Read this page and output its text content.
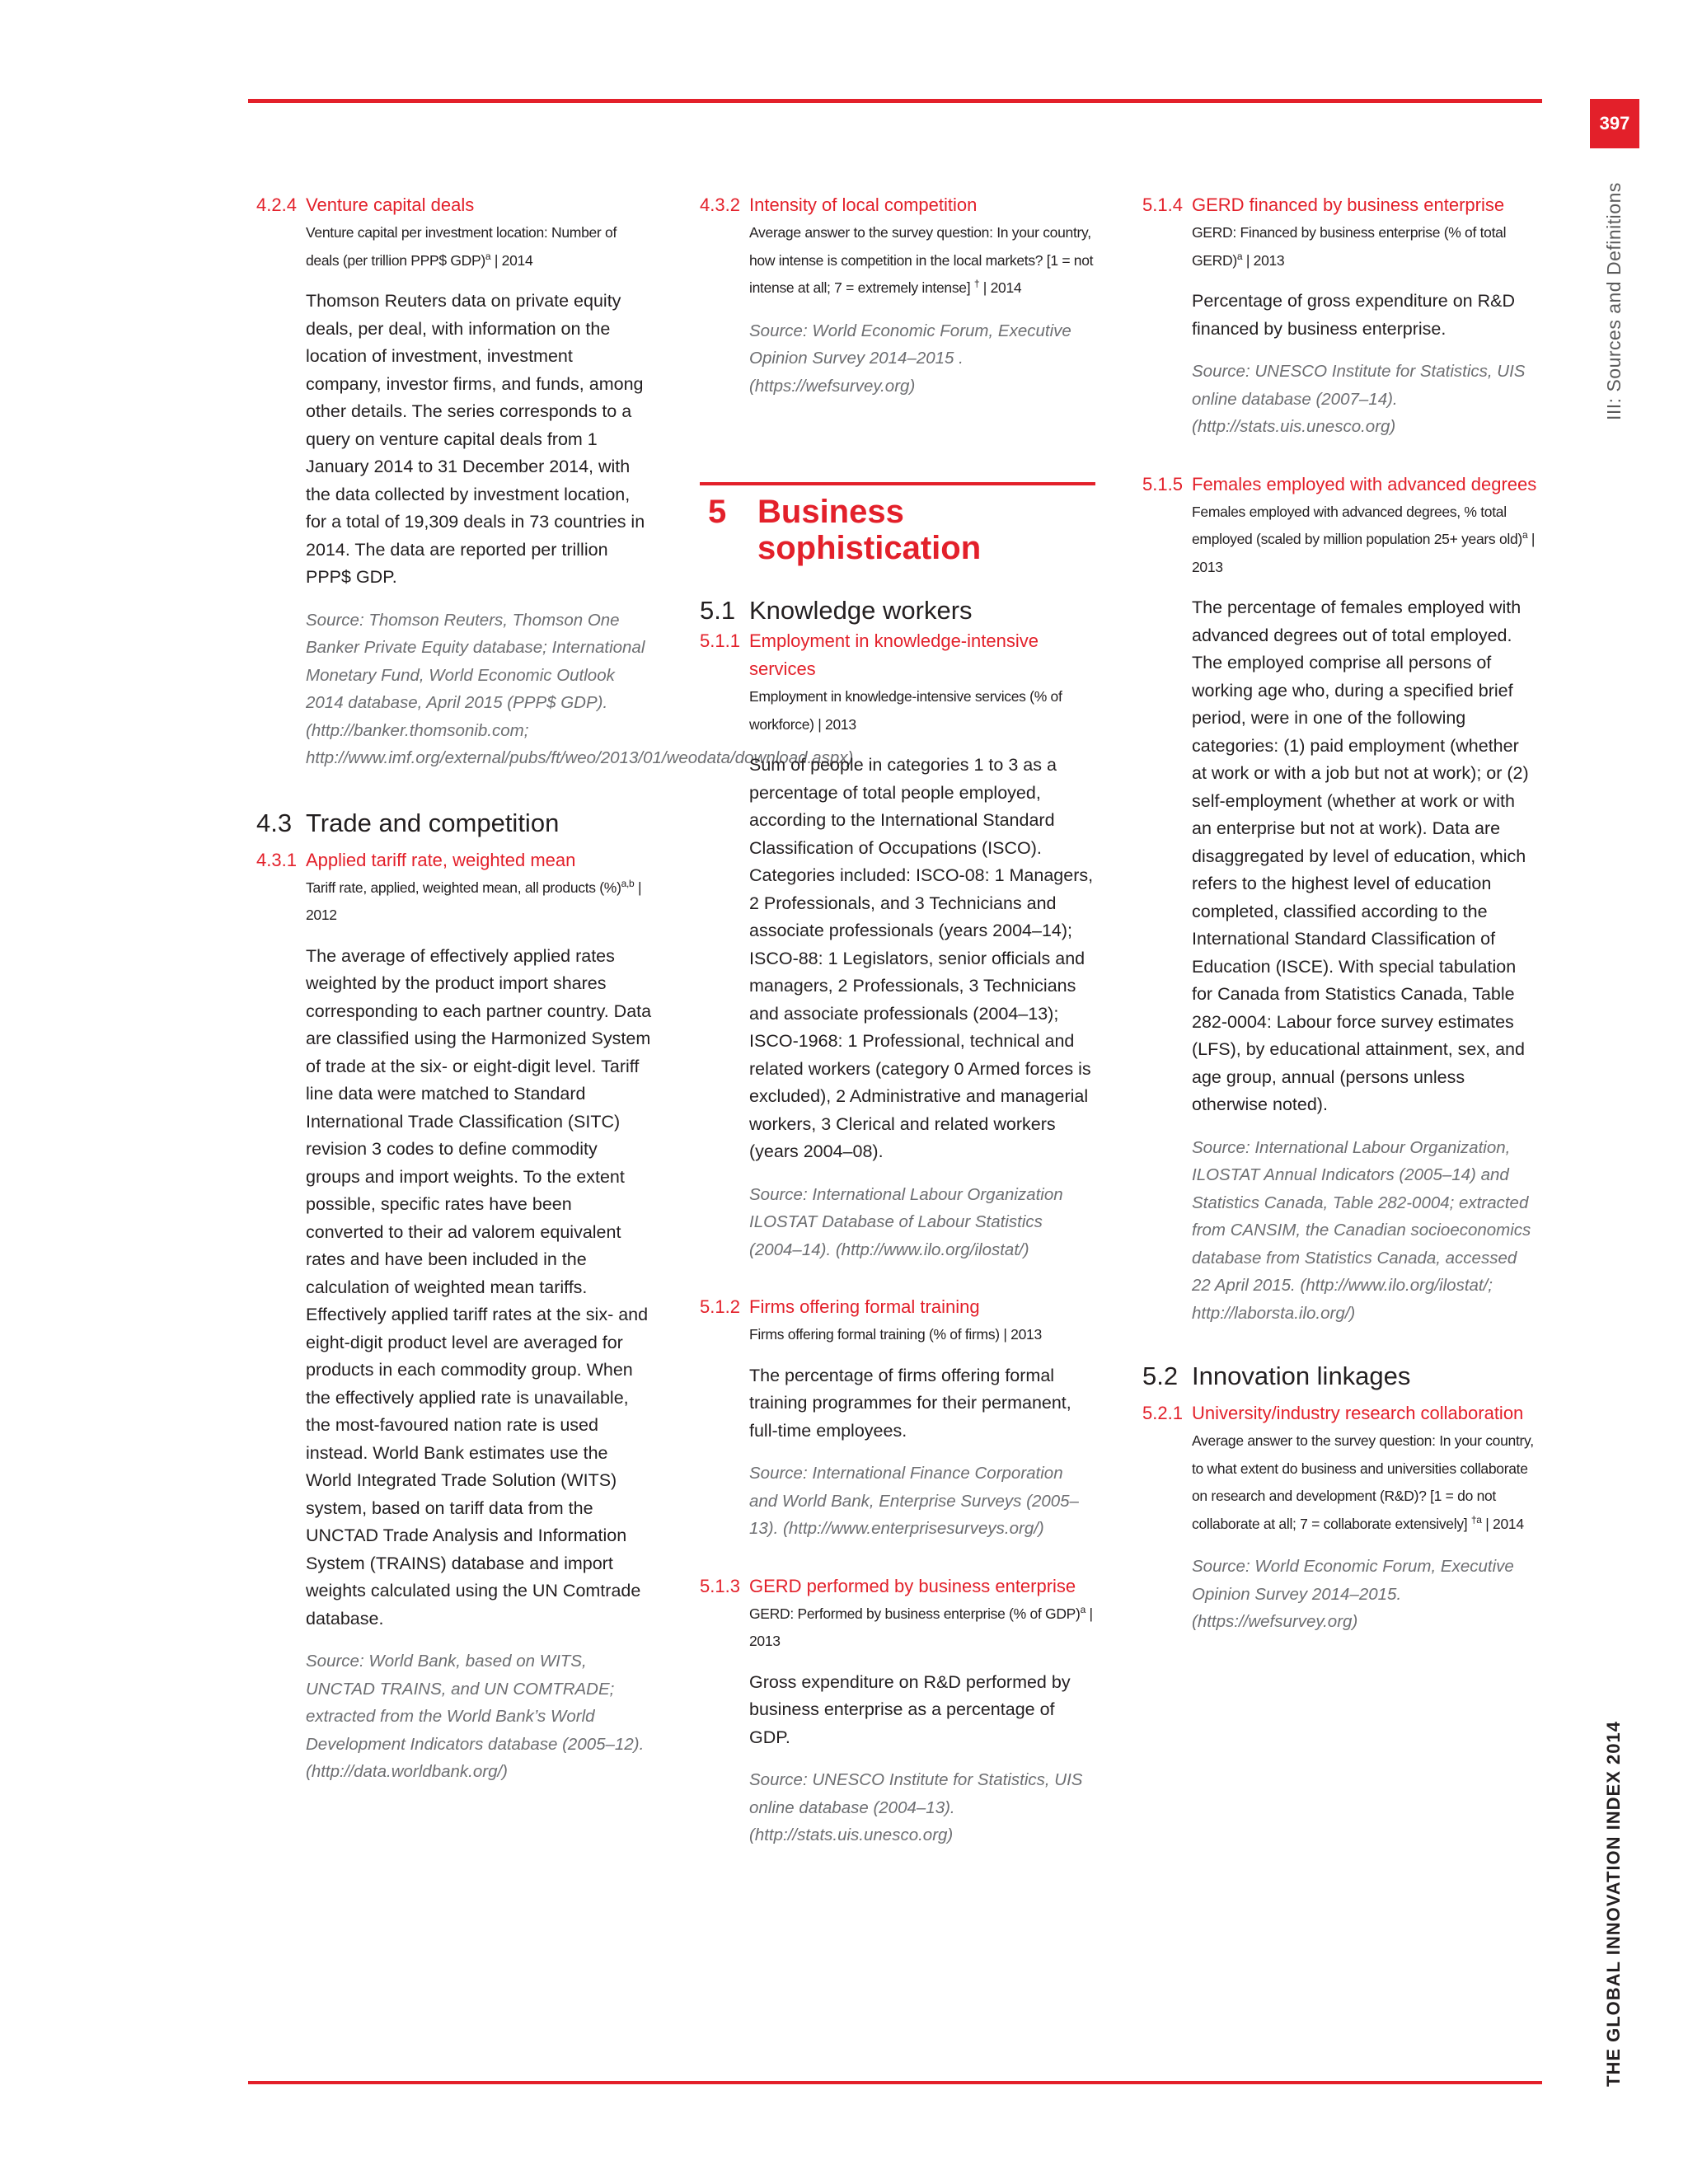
397
III: Sources and Definitions
THE GLOBAL INNOVATION INDEX 2014
4.2.4 Venture capital deals
Venture capital per investment location: Number of deals (per trillion PPP$ GDP)$^a$ | 2014
Thomson Reuters data on private equity deals, per deal, with information on the location of investment, investment company, investor firms, and funds, among other details. The series corresponds to a query on venture capital deals from 1 January 2014 to 31 December 2014, with the data collected by investment location, for a total of 19,309 deals in 73 countries in 2014. The data are reported per trillion PPP$ GDP.
Source: Thomson Reuters, Thomson One Banker Private Equity database; International Monetary Fund, World Economic Outlook 2014 database, April 2015 (PPP$ GDP). (http://banker.thomsonib.com; http://www.imf.org/external/pubs/ft/weo/2013/01/weodata/download.aspx)
4.3 Trade and competition
4.3.1 Applied tariff rate, weighted mean
Tariff rate, applied, weighted mean, all products (%)$^{a,b}$ | 2012
The average of effectively applied rates weighted by the product import shares corresponding to each partner country. Data are classified using the Harmonized System of trade at the six- or eight-digit level. Tariff line data were matched to Standard International Trade Classification (SITC) revision 3 codes to define commodity groups and import weights. To the extent possible, specific rates have been converted to their ad valorem equivalent rates and have been included in the calculation of weighted mean tariffs. Effectively applied tariff rates at the six- and eight-digit product level are averaged for products in each commodity group. When the effectively applied rate is unavailable, the most-favoured nation rate is used instead. World Bank estimates use the World Integrated Trade Solution (WITS) system, based on tariff data from the UNCTAD Trade Analysis and Information System (TRAINS) database and import weights calculated using the UN Comtrade database.
Source: World Bank, based on WITS, UNCTAD TRAINS, and UN COMTRADE; extracted from the World Bank’s World Development Indicators database (2005–12). (http://data.worldbank.org/)
4.3.2 Intensity of local competition
Average answer to the survey question: In your country, how intense is competition in the local markets? [1 = not intense at all; 7 = extremely intense] † | 2014
Source: World Economic Forum, Executive Opinion Survey 2014–2015 . (https://wefsurvey.org)
5 Business sophistication
5.1 Knowledge workers
5.1.1 Employment in knowledge-intensive services
Employment in knowledge-intensive services (% of workforce) | 2013
Sum of people in categories 1 to 3 as a percentage of total people employed, according to the International Standard Classification of Occupations (ISCO). Categories included: ISCO-08: 1 Managers, 2 Professionals, and 3 Technicians and associate professionals (years 2004–14); ISCO-88: 1 Legislators, senior officials and managers, 2 Professionals, 3 Technicians and associate professionals (2004–13); ISCO-1968: 1 Professional, technical and related workers (category 0 Armed forces is excluded), 2 Administrative and managerial workers, 3 Clerical and related workers (years 2004–08).
Source: International Labour Organization ILOSTAT Database of Labour Statistics (2004–14). (http://www.ilo.org/ilostat/)
5.1.2 Firms offering formal training
Firms offering formal training (% of firms) | 2013
The percentage of firms offering formal training programmes for their permanent, full-time employees.
Source: International Finance Corporation and World Bank, Enterprise Surveys (2005–13). (http://www.enterprisesurveys.org/)
5.1.3 GERD performed by business enterprise
GERD: Performed by business enterprise (% of GDP)$^a$ | 2013
Gross expenditure on R&D performed by business enterprise as a percentage of GDP.
Source: UNESCO Institute for Statistics, UIS online database (2004–13). (http://stats.uis.unesco.org)
5.1.4 GERD financed by business enterprise
GERD: Financed by business enterprise (% of total GERD)$^a$ | 2013
Percentage of gross expenditure on R&D financed by business enterprise.
Source: UNESCO Institute for Statistics, UIS online database (2007–14). (http://stats.uis.unesco.org)
5.1.5 Females employed with advanced degrees
Females employed with advanced degrees, % total employed (scaled by million population 25+ years old)$^a$ | 2013
The percentage of females employed with advanced degrees out of total employed. The employed comprise all persons of working age who, during a specified brief period, were in one of the following categories: (1) paid employment (whether at work or with a job but not at work); or (2) self-employment (whether at work or with an enterprise but not at work). Data are disaggregated by level of education, which refers to the highest level of education completed, classified according to the International Standard Classification of Education (ISCE). With special tabulation for Canada from Statistics Canada, Table 282-0004: Labour force survey estimates (LFS), by educational attainment, sex, and age group, annual (persons unless otherwise noted).
Source: International Labour Organization, ILOSTAT Annual Indicators (2005–14) and Statistics Canada, Table 282-0004; extracted from CANSIM, the Canadian socioeconomics database from Statistics Canada, accessed 22 April 2015. (http://www.ilo.org/ilostat/; http://laborsta.ilo.org/)
5.2 Innovation linkages
5.2.1 University/industry research collaboration
Average answer to the survey question: In your country, to what extent do business and universities collaborate on research and development (R&D)? [1 = do not collaborate at all; 7 = collaborate extensively] $^{\dagger a}$ | 2014
Source: World Economic Forum, Executive Opinion Survey 2014–2015. (https://wefsurvey.org)
